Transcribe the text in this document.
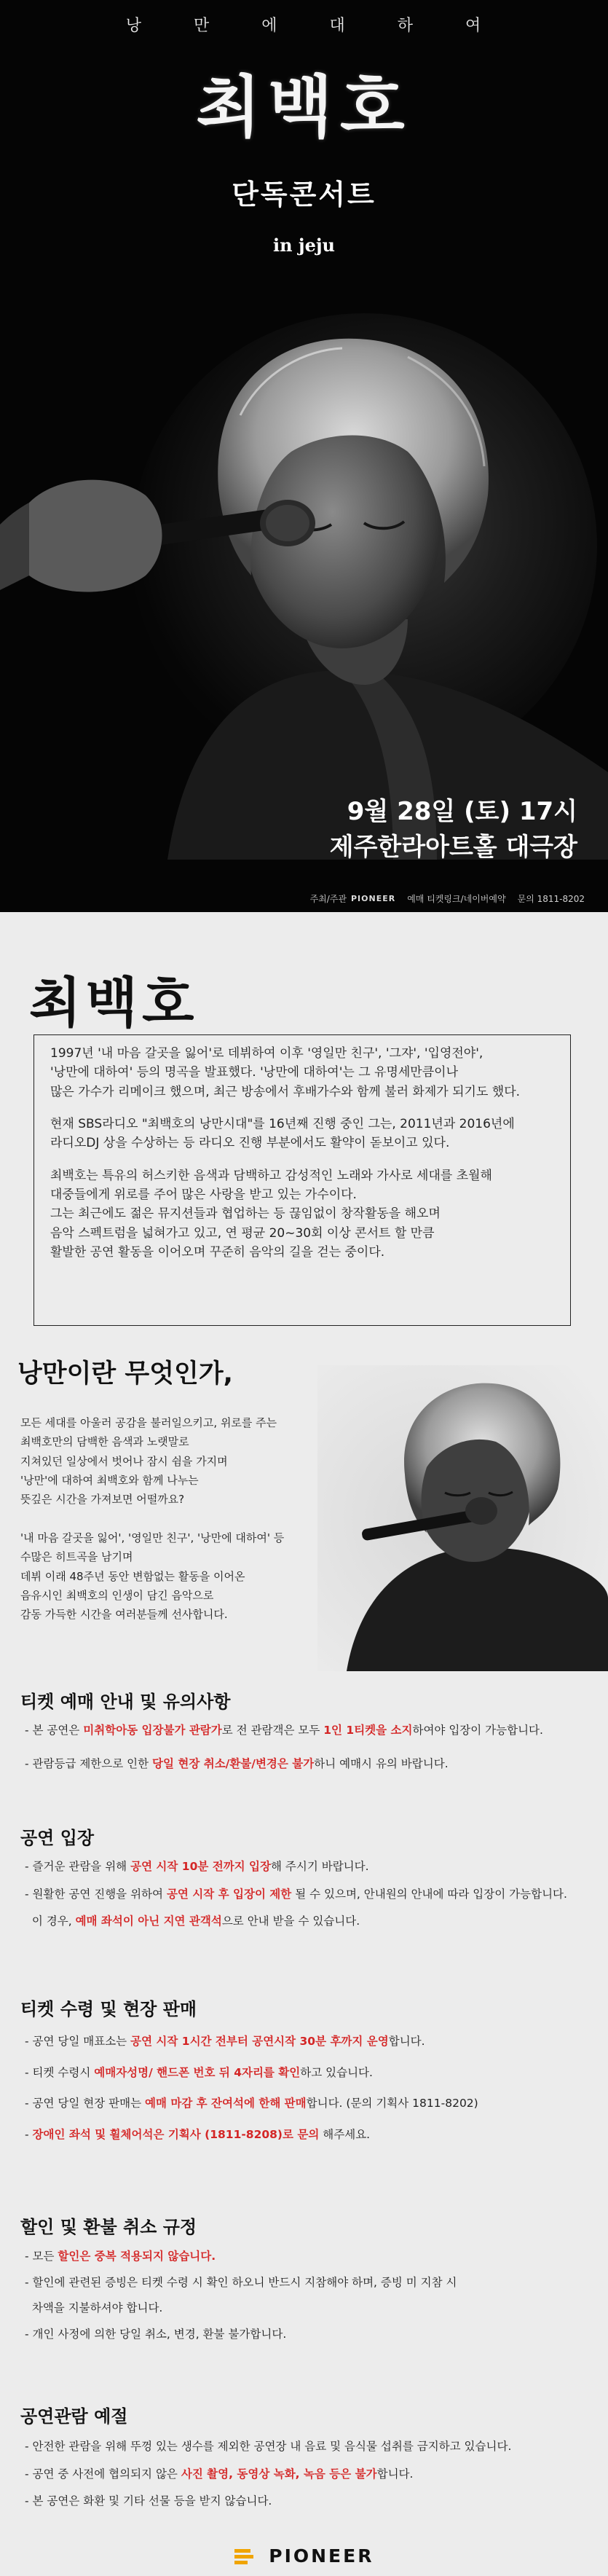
낭	만	에	대	하	여
최백호
단독콘서트
in jeju
9월 28일 (토) 17시
제주한라아트홀 대극장
주최/주관 PIONEER 예매 티켓링크/네이버예약 문의 1811-8202
최백호

1997년 '내 마음 갈곳을 잃어'로 데뷔하여 이후 '영일만 친구', '그쟈', '입영전야',
'낭만에 대하여' 등의 명곡을 발표했다. '낭만에 대하여'는 그 유명세만큼이나
많은 가수가 리메이크 했으며, 최근 방송에서 후배가수와 함께 불러 화제가 되기도 했다.

현재 SBS라디오 "최백호의 낭만시대"를 16년째 진행 중인 그는, 2011년과 2016년에
라디오DJ 상을 수상하는 등 라디오 진행 부분에서도 활약이 돋보이고 있다.

최백호는 특유의 허스키한 음색과 담백하고 감성적인 노래와 가사로 세대를 초월해
대중들에게 위로를 주어 많은 사랑을 받고 있는 가수이다.
그는 최근에도 젊은 뮤지션들과 협업하는 등 끊임없이 창작활동을 해오며
음악 스펙트럼을 넓혀가고 있고, 연 평균 20~30회 이상 콘서트 할 만큼
활발한 공연 활동을 이어오며 꾸준히 음악의 길을 걷는 중이다.

낭만이란 무엇인가,
모든 세대를 아울러 공감을 불러일으키고, 위로를 주는
최백호만의 담백한 음색과 노랫말로
지쳐있던 일상에서 벗어나 잠시 쉼을 가지며
'낭만'에 대하여 최백호와 함께 나누는
뜻깊은 시간을 가져보면 어떨까요?
'내 마음 갈곳을 잃어', '영일만 친구', '낭만에 대하여' 등
수많은 히트곡을 남기며
데뷔 이래 48주년 동안 변함없는 활동을 이어온
음유시인 최백호의 인생이 담긴 음악으로
감동 가득한 시간을 여러분들께 선사합니다.
티켓 예매 안내 및 유의사항
- 본 공연은 미취학아동 입장불가 관람가로 전 관람객은 모두 1인 1티켓을 소지하여야 입장이 가능합니다.
- 관람등급 제한으로 인한 당일 현장 취소/환불/변경은 불가하니 예매시 유의 바랍니다.
공연 입장
- 즐거운 관람을 위해 공연 시작 10분 전까지 입장해 주시기 바랍니다.
- 원활한 공연 진행을 위하여 공연 시작 후 입장이 제한 될 수 있으며, 안내원의 안내에 따라 입장이 가능합니다.
이 경우, 예매 좌석이 아닌 지연 관객석으로 안내 받을 수 있습니다.
티켓 수령 및 현장 판매
- 공연 당일 매표소는 공연 시작 1시간 전부터 공연시작 30분 후까지 운영합니다.
- 티켓 수령시 예매자성명/ 핸드폰 번호 뒤 4자리를 확인하고 있습니다.
- 공연 당일 현장 판매는 예매 마감 후 잔여석에 한해 판매합니다. (문의 기획사 1811-8202)
- 장애인 좌석 및 휠체어석은 기획사 (1811-8208)로 문의 해주세요.
할인 및 환불 취소 규정
- 모든 할인은 중복 적용되지 않습니다.
- 할인에 관련된 증빙은 티켓 수령 시 확인 하오니 반드시 지참해야 하며, 증빙 미 지참 시
차액을 지불하셔야 합니다.
- 개인 사정에 의한 당일 취소, 변경, 환불 불가합니다.
공연관람 예절
- 안전한 관람을 위해 뚜껑 있는 생수를 제외한 공연장 내 음료 및 음식물 섭취를 금지하고 있습니다.
- 공연 중 사전에 협의되지 않은 사진 촬영, 동영상 녹화, 녹음 등은 불가합니다.
- 본 공연은 화환 및 기타 선물 등을 받지 않습니다.
PIONEER
